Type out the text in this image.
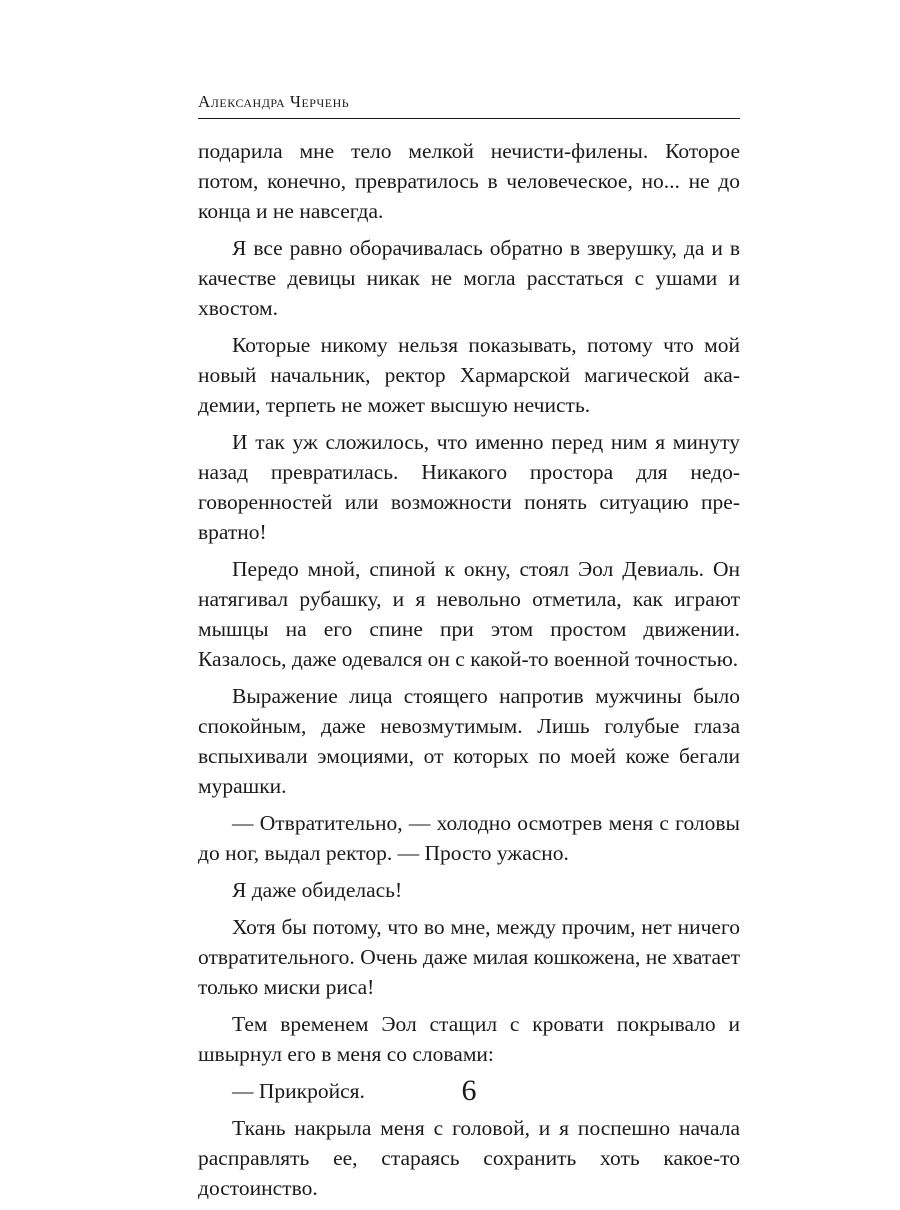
Александра Черчень

подарила мне тело мелкой нечисти-филены. Которое потом, конечно, превратилось в человеческое, но... не до конца и не навсегда.

Я все равно оборачивалась обратно в зверушку, да и в качестве девицы никак не могла расстаться с ушами и хвостом.

Которые никому нельзя показывать, потому что мой новый начальник, ректор Хармарской магической академии, терпеть не может высшую нечисть.

И так уж сложилось, что именно перед ним я минуту назад превратилась. Никакого простора для недоговоренностей или возможности понять ситуацию превратно!

Передо мной, спиной к окну, стоял Эол Девиаль. Он натягивал рубашку, и я невольно отметила, как играют мышцы на его спине при этом простом движении. Казалось, даже одевался он с какой-то военной точностью.

Выражение лица стоящего напротив мужчины было спокойным, даже невозмутимым. Лишь голубые глаза вспыхивали эмоциями, от которых по моей коже бегали мурашки.

— Отвратительно, — холодно осмотрев меня с головы до ног, выдал ректор. — Просто ужасно.

Я даже обиделась!

Хотя бы потому, что во мне, между прочим, нет ничего отвратительного. Очень даже милая кошкожена, не хватает только миски риса!

Тем временем Эол стащил с кровати покрывало и швырнул его в меня со словами:

— Прикройся.

Ткань накрыла меня с головой, и я поспешно начала расправлять ее, стараясь сохранить хоть какое-то достоинство.

6
